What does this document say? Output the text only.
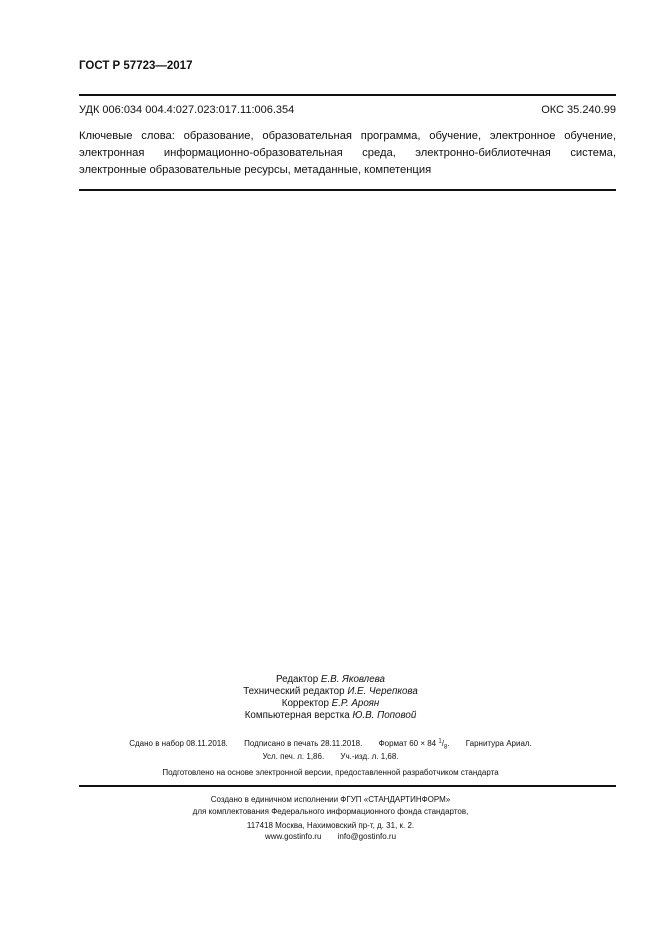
ГОСТ Р 57723—2017
УДК 006:034 004.4:027.023:017.11:006.354	ОКС 35.240.99
Ключевые слова: образование, образовательная программа, обучение, электронное обучение, электронная информационно-образовательная среда, электронно-библиотечная система, электронные образовательные ресурсы, метаданные, компетенция
Редактор Е.В. Яковлева
Технический редактор И.Е. Черепкова
Корректор Е.Р. Ароян
Компьютерная верстка Ю.В. Поповой
Сдано в набор 08.11.2018. Подписано в печать 28.11.2018. Формат 60 × 84 $^1/_8$. Гарнитура Ариал.
Усл. печ. л. 1,86. Уч.-изд. л. 1,68.
Подготовлено на основе электронной версии, предоставленной разработчиком стандарта
Создано в единичном исполнении ФГУП «СТАНДАРТИНФОРМ»
для комплектования Федерального информационного фонда стандартов,
117418 Москва, Нахимовский пр-т, д. 31, к. 2.
www.gostinfo.ru info@gostinfo.ru
